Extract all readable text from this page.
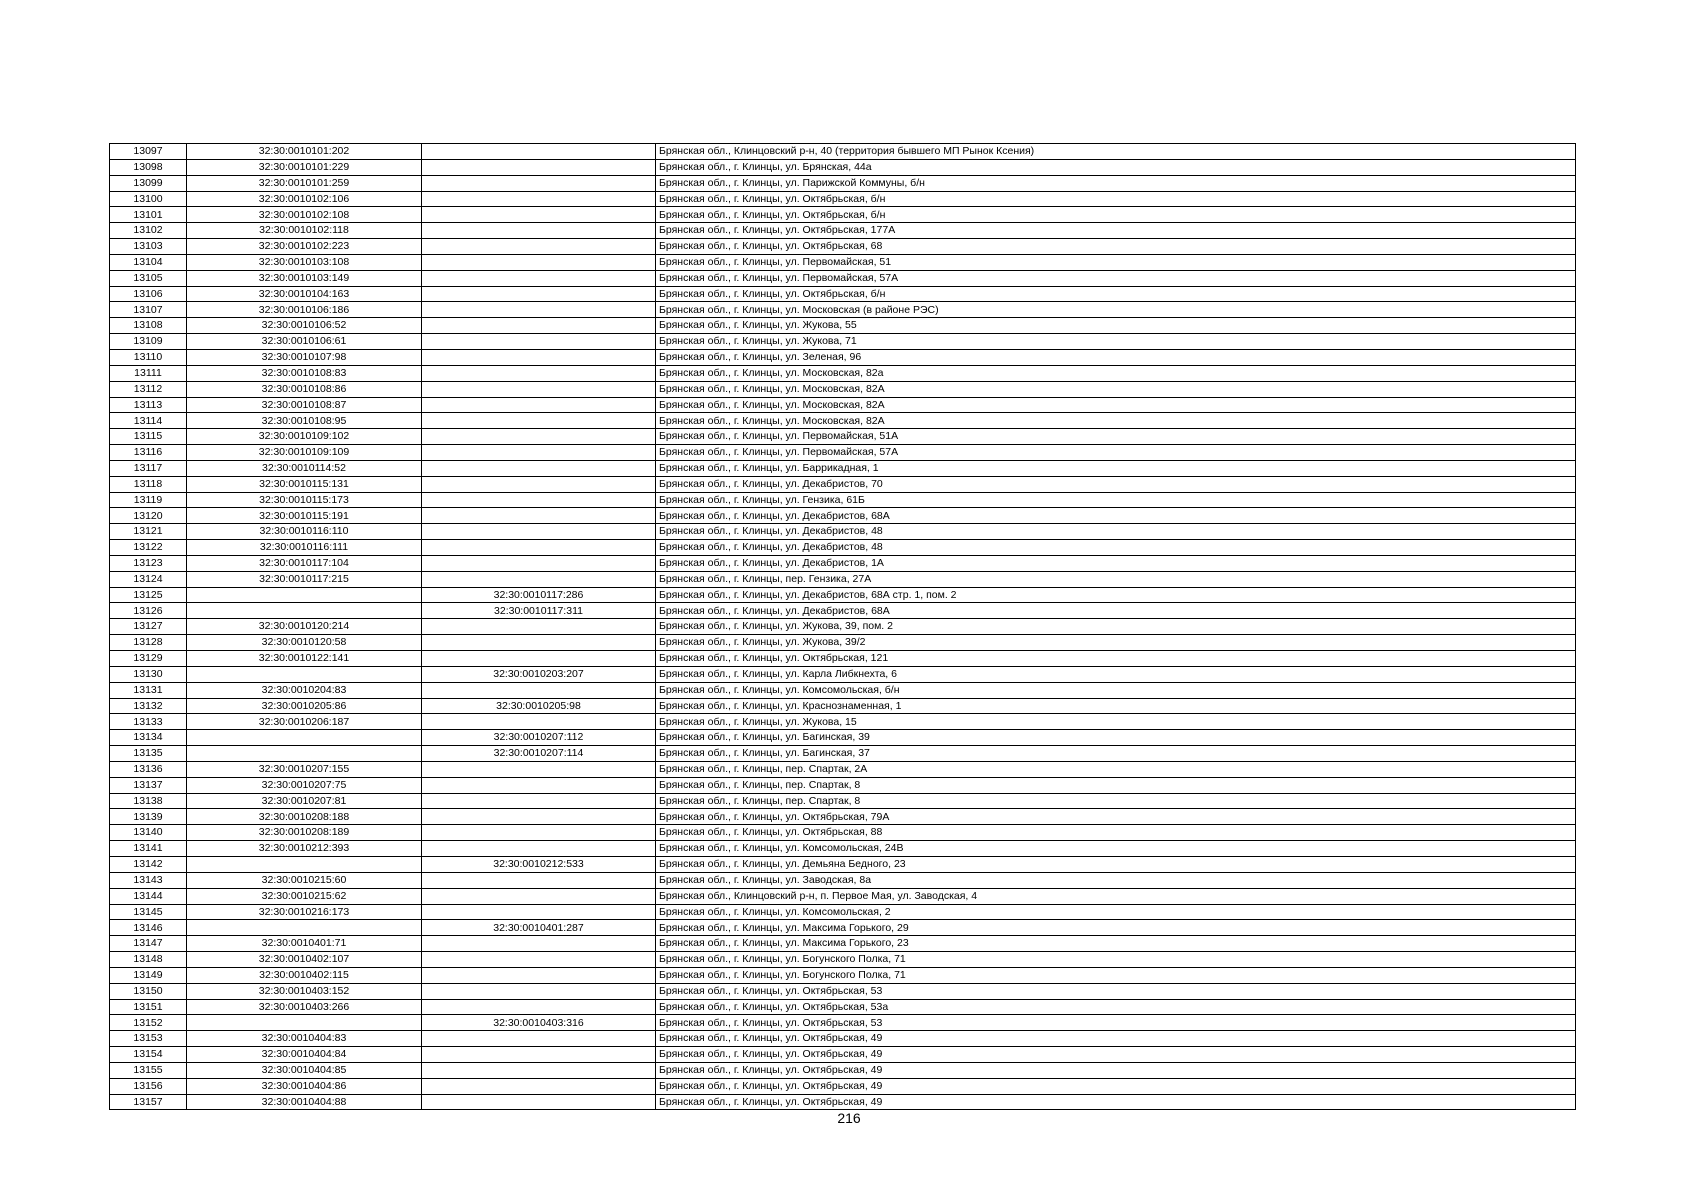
13097	32:30:0010101:202		Брянская обл., Клинцовский р-н, 40 (территория бывшего МП Рынок Ксения)
13098	32:30:0010101:229		Брянская обл., г. Клинцы, ул. Брянская, 44а
13099	32:30:0010101:259		Брянская обл., г. Клинцы, ул. Парижской Коммуны, б/н
13100	32:30:0010102:106		Брянская обл., г. Клинцы, ул. Октябрьская, б/н
13101	32:30:0010102:108		Брянская обл., г. Клинцы, ул. Октябрьская, б/н
13102	32:30:0010102:118		Брянская обл., г. Клинцы, ул. Октябрьская, 177А
13103	32:30:0010102:223		Брянская обл., г. Клинцы, ул. Октябрьская, 68
13104	32:30:0010103:108		Брянская обл., г. Клинцы, ул. Первомайская, 51
13105	32:30:0010103:149		Брянская обл., г. Клинцы, ул. Первомайская, 57А
13106	32:30:0010104:163		Брянская обл., г. Клинцы, ул. Октябрьская, б/н
13107	32:30:0010106:186		Брянская обл., г. Клинцы, ул. Московская (в районе РЭС)
13108	32:30:0010106:52		Брянская обл., г. Клинцы, ул. Жукова, 55
13109	32:30:0010106:61		Брянская обл., г. Клинцы, ул. Жукова, 71
13110	32:30:0010107:98		Брянская обл., г. Клинцы, ул. Зеленая, 96
13111	32:30:0010108:83		Брянская обл., г. Клинцы, ул. Московская, 82а
13112	32:30:0010108:86		Брянская обл., г. Клинцы, ул. Московская, 82А
13113	32:30:0010108:87		Брянская обл., г. Клинцы, ул. Московская, 82А
13114	32:30:0010108:95		Брянская обл., г. Клинцы, ул. Московская, 82А
13115	32:30:0010109:102		Брянская обл., г. Клинцы, ул. Первомайская, 51А
13116	32:30:0010109:109		Брянская обл., г. Клинцы, ул. Первомайская, 57А
13117	32:30:0010114:52		Брянская обл., г. Клинцы, ул. Баррикадная, 1
13118	32:30:0010115:131		Брянская обл., г. Клинцы, ул. Декабристов, 70
13119	32:30:0010115:173		Брянская обл., г. Клинцы, ул. Гензика, 61Б
13120	32:30:0010115:191		Брянская обл., г. Клинцы, ул. Декабристов, 68А
13121	32:30:0010116:110		Брянская обл., г. Клинцы, ул. Декабристов, 48
13122	32:30:0010116:111		Брянская обл., г. Клинцы, ул. Декабристов, 48
13123	32:30:0010117:104		Брянская обл., г. Клинцы, ул. Декабристов, 1А
13124	32:30:0010117:215		Брянская обл., г. Клинцы, пер. Гензика, 27А
13125		32:30:0010117:286	Брянская обл., г. Клинцы, ул. Декабристов, 68А стр. 1, пом. 2
13126		32:30:0010117:311	Брянская обл., г. Клинцы, ул. Декабристов, 68А
13127	32:30:0010120:214		Брянская обл., г. Клинцы, ул. Жукова, 39, пом. 2
13128	32:30:0010120:58		Брянская обл., г. Клинцы, ул. Жукова, 39/2
13129	32:30:0010122:141		Брянская обл., г. Клинцы, ул. Октябрьская, 121
13130		32:30:0010203:207	Брянская обл., г. Клинцы, ул. Карла Либкнехта, 6
13131	32:30:0010204:83		Брянская обл., г. Клинцы, ул. Комсомольская, б/н
13132	32:30:0010205:86	32:30:0010205:98	Брянская обл., г. Клинцы, ул. Краснознаменная, 1
13133	32:30:0010206:187		Брянская обл., г. Клинцы, ул. Жукова, 15
13134		32:30:0010207:112	Брянская обл., г. Клинцы, ул. Багинская, 39
13135		32:30:0010207:114	Брянская обл., г. Клинцы, ул. Багинская, 37
13136	32:30:0010207:155		Брянская обл., г. Клинцы, пер. Спартак, 2А
13137	32:30:0010207:75		Брянская обл., г. Клинцы, пер. Спартак, 8
13138	32:30:0010207:81		Брянская обл., г. Клинцы, пер. Спартак, 8
13139	32:30:0010208:188		Брянская обл., г. Клинцы, ул. Октябрьская, 79А
13140	32:30:0010208:189		Брянская обл., г. Клинцы, ул. Октябрьская, 88
13141	32:30:0010212:393		Брянская обл., г. Клинцы, ул. Комсомольская, 24В
13142		32:30:0010212:533	Брянская обл., г. Клинцы, ул. Демьяна Бедного, 23
13143	32:30:0010215:60		Брянская обл., г. Клинцы, ул. Заводская, 8а
13144	32:30:0010215:62		Брянская обл., Клинцовский р-н, п. Первое Мая, ул. Заводская, 4
13145	32:30:0010216:173		Брянская обл., г. Клинцы, ул. Комсомольская, 2
13146		32:30:0010401:287	Брянская обл., г. Клинцы, ул. Максима Горького, 29
13147	32:30:0010401:71		Брянская обл., г. Клинцы, ул. Максима Горького, 23
13148	32:30:0010402:107		Брянская обл., г. Клинцы, ул. Богунского Полка, 71
13149	32:30:0010402:115		Брянская обл., г. Клинцы, ул. Богунского Полка, 71
13150	32:30:0010403:152		Брянская обл., г. Клинцы, ул. Октябрьская, 53
13151	32:30:0010403:266		Брянская обл., г. Клинцы, ул. Октябрьская, 53а
13152		32:30:0010403:316	Брянская обл., г. Клинцы, ул. Октябрьская, 53
13153	32:30:0010404:83		Брянская обл., г. Клинцы, ул. Октябрьская, 49
13154	32:30:0010404:84		Брянская обл., г. Клинцы, ул. Октябрьская, 49
13155	32:30:0010404:85		Брянская обл., г. Клинцы, ул. Октябрьская, 49
13156	32:30:0010404:86		Брянская обл., г. Клинцы, ул. Октябрьская, 49
13157	32:30:0010404:88		Брянская обл., г. Клинцы, ул. Октябрьская, 49
216
